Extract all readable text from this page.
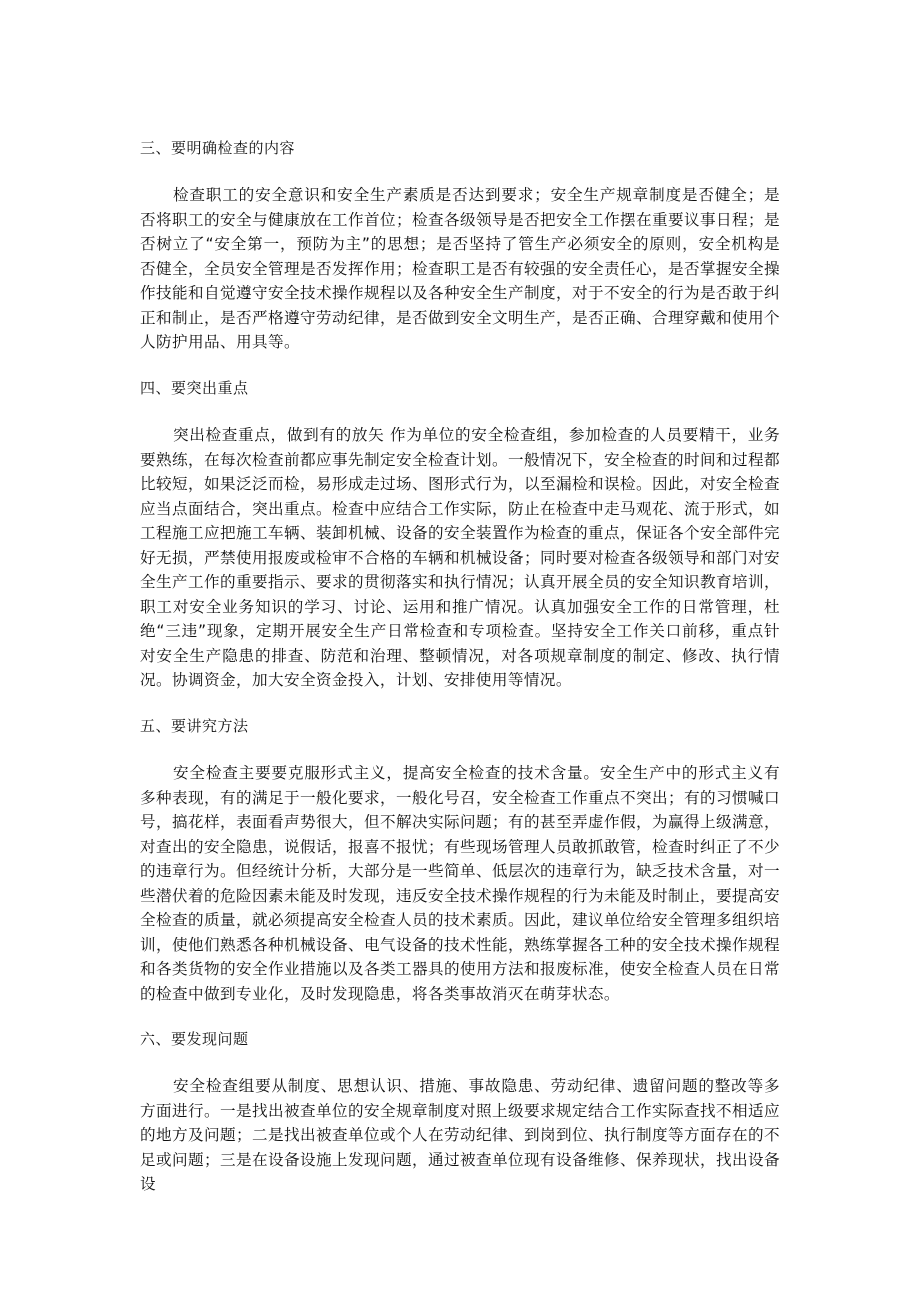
三、要明确检查的内容

检查职工的安全意识和安全生产素质是否达到要求；安全生产规章制度是否健全；是否将职工的安全与健康放在工作首位；检查各级领导是否把安全工作摆在重要议事日程；是否树立了“安全第一，预防为主”的思想；是否坚持了管生产必须安全的原则，安全机构是否健全，全员安全管理是否发挥作用；检查职工是否有较强的安全责任心，是否掌握安全操作技能和自觉遵守安全技术操作规程以及各种安全生产制度，对于不安全的行为是否敢于纠正和制止，是否严格遵守劳动纪律，是否做到安全文明生产，是否正确、合理穿戴和使用个人防护用品、用具等。

四、要突出重点

突出检查重点，做到有的放矢 作为单位的安全检查组，参加检查的人员要精干，业务要熟练，在每次检查前都应事先制定安全检查计划。一般情况下，安全检查的时间和过程都比较短，如果泛泛而检，易形成走过场、图形式行为，以至漏检和误检。因此，对安全检查应当点面结合，突出重点。检查中应结合工作实际，防止在检查中走马观花、流于形式，如工程施工应把施工车辆、装卸机械、设备的安全装置作为检查的重点，保证各个安全部件完好无损，严禁使用报废或检审不合格的车辆和机械设备；同时要对检查各级领导和部门对安全生产工作的重要指示、要求的贯彻落实和执行情况；认真开展全员的安全知识教育培训，职工对安全业务知识的学习、讨论、运用和推广情况。认真加强安全工作的日常管理，杜绝“三违”现象，定期开展安全生产日常检查和专项检查。坚持安全工作关口前移，重点针对安全生产隐患的排查、防范和治理、整顿情况，对各项规章制度的制定、修改、执行情况。协调资金，加大安全资金投入，计划、安排使用等情况。

五、要讲究方法

安全检查主要要克服形式主义，提高安全检查的技术含量。安全生产中的形式主义有多种表现，有的满足于一般化要求，一般化号召，安全检查工作重点不突出；有的习惯喊口号，搞花样，表面看声势很大，但不解决实际问题；有的甚至弄虚作假，为赢得上级满意，对查出的安全隐患，说假话，报喜不报忧；有些现场管理人员敢抓敢管，检查时纠正了不少的违章行为。但经统计分析，大部分是一些简单、低层次的违章行为，缺乏技术含量，对一些潜伏着的危险因素未能及时发现，违反安全技术操作规程的行为未能及时制止，要提高安全检查的质量，就必须提高安全检查人员的技术素质。因此，建议单位给安全管理多组织培训，使他们熟悉各种机械设备、电气设备的技术性能，熟练掌握各工种的安全技术操作规程和各类货物的安全作业措施以及各类工器具的使用方法和报废标准，使安全检查人员在日常的检查中做到专业化，及时发现隐患，将各类事故消灭在萌芽状态。

六、要发现问题

安全检查组要从制度、思想认识、措施、事故隐患、劳动纪律、遗留问题的整改等多方面进行。一是找出被查单位的安全规章制度对照上级要求规定结合工作实际查找不相适应的地方及问题；二是找出被查单位或个人在劳动纪律、到岗到位、执行制度等方面存在的不足或问题；三是在设备设施上发现问题，通过被查单位现有设备维修、保养现状，找出设备设
